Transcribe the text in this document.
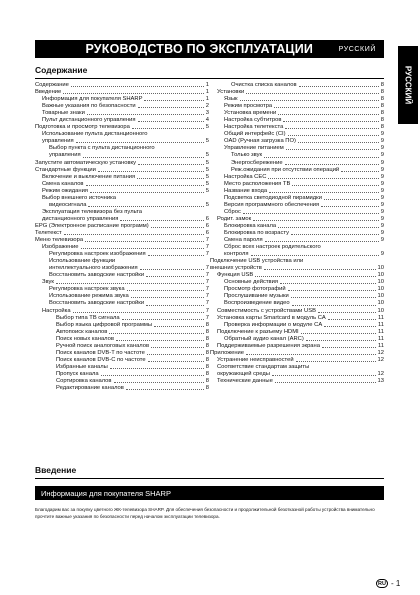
РУКОВОДСТВО ПО ЭКСПЛУАТАЦИИ	РУССКИЙ
РУССКИЙ
Содержание
Содержание	1
Введение	1
Информация для покупателя SHARP	1
Важные указания по безопасности	2
Товарные знаки	3
Пульт дистанционного управления	4
Подготовка и просмотр телевизора	5
Использование пульта дистанционного
управления	5
Выбор пункта с пульта дистанционного
управления	5
Запустите автоматическую установку	5
Стандартные функции	5
Включение и выключение питания	5
Смена каналов	5
Режим ожидания	5
Выбор внешнего источника
видеосигнала	5
Эксплуатация телевизора без пульта
дистанционного управления	6
EPG (Электронное расписание программ)	6
Телетекст	6
Меню телевизора	7
Изображение	7
Регулировка настроек изображения	7
Использование функции
интеллектуального изображения	7
Восстановить заводские настройки	7
Звук	7
Регулировка настроек звука	7
Использование режима звука	7
Восстановить заводские настройки	7
Настройка	7
Выбор типа ТВ сигнала	7
Выбор языка цифровой программы	8
Автопоиск каналов	8
Поиск новых каналов	8
Ручной поиск аналоговых каналов	8
Поиск каналов DVB-T по частоте	8
Поиск каналов DVB-C по частоте	8
Избранные каналы	8
Пропуск канала	8
Сортировка каналов	8
Редактирование каналов	8
Очистка списка каналов	8
Установки	8
Язык	8
Режим просмотра	8
Установка времени	8
Настройка субтитров	8
Настройка телетекста	8
Общий интерфейс (CI)	9
OAD (Ручная загрузка ПО)	9
Управление питанием	9
Только звук	9
Энергосбережение	9
Реж.ожидания при отсутствии операций	9
Настройка CEC	9
Место расположения ТВ	9
Название входа	9
Подсветка светодиодной пирамидки	9
Версия программного обеспечения	9
Сброс	9
Родит. замок	9
Блокировка канала	9
Блокировка по возрасту	9
Смена пароля	9
Сброс всех настроек родительского
контроля	9
Подключение USB устройства или
внешних устройств	10
Функция USB	10
Основные действия	10
Просмотр фотографий	10
Прослушивание музыки	10
Воспроизведение видео	10
Совместимость с устройствами USB	10
Установка карты Smartcard в модуль CA	11
Проверка информации о модуле CA	11
Подключение к разъему HDMI	11
Обратный аудио канал (ARC)	11
Поддерживаемые разрешения экрана	11
Приложение	12
Устранение неисправностей	12
Соответствие стандартам защиты
окружающей среды	12
Технические данные	13
Введение
Информация для покупателя SHARP
Благодарим вас за покупку цветного ЖК-телевизора SHARP. Для обеспечения безопасности и продолжительной безотказной работы устройства внимательно прочтите важные указания по безопасности перед началом эксплуатации телевизора.
RU - 1
